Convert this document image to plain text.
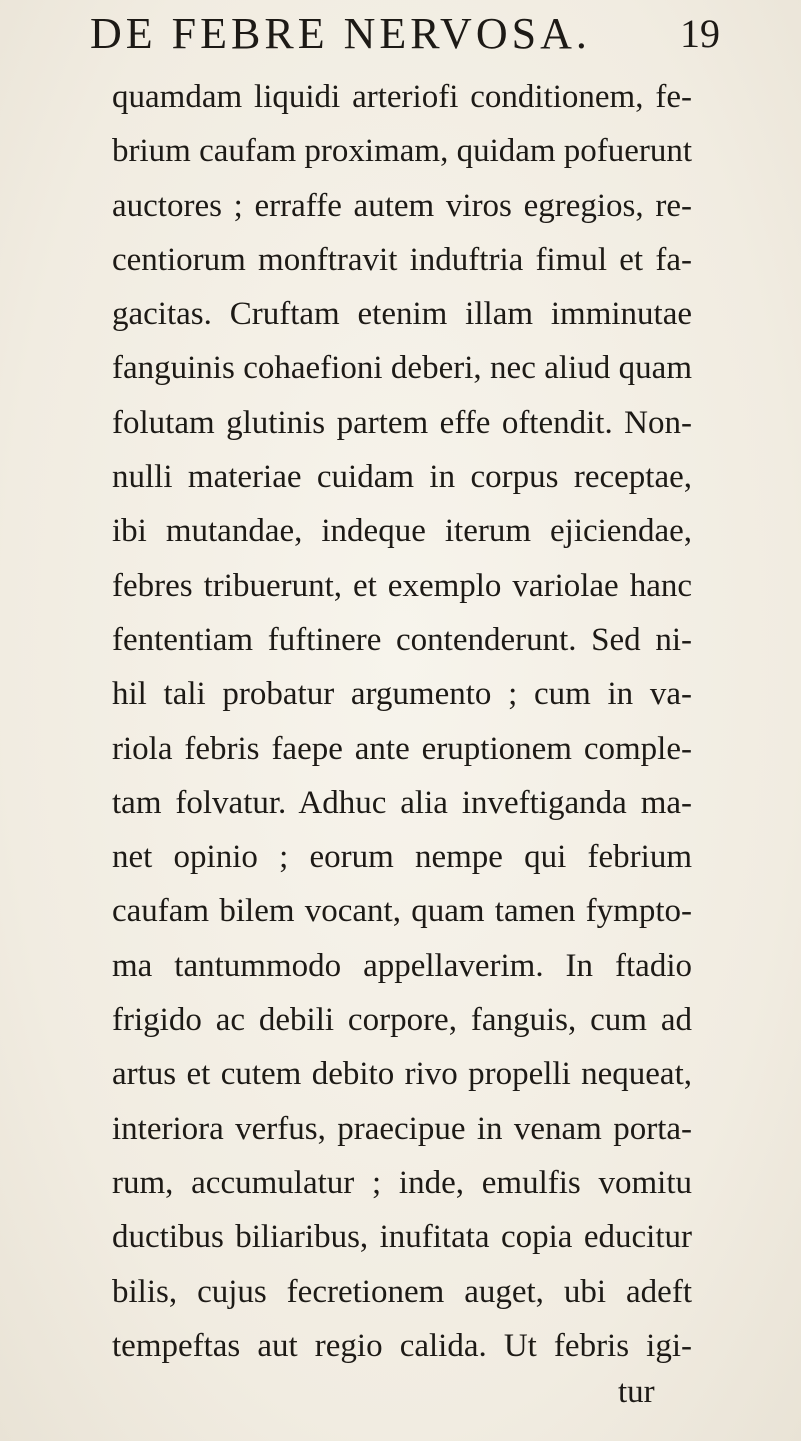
DE FEBRE NERVOSA. 19
quamdam liquidi arteriofi conditionem, fe-
brium caufam proximam, quidam pofuerunt
auctores ; erraffe autem viros egregios, re-
centiorum monftravit induftria fimul et fa-
gacitas. Cruftam etenim illam imminutae
fanguinis cohaefioni deberi, nec aliud quam
folutam glutinis partem effe oftendit. Non-
nulli materiae cuidam in corpus receptae,
ibi mutandae, indeque iterum ejiciendae,
febres tribuerunt, et exemplo variolae hanc
fententiam fuftinere contenderunt. Sed ni-
hil tali probatur argumento ; cum in va-
riola febris faepe ante eruptionem comple-
tam folvatur. Adhuc alia inveftiganda ma-
net opinio ; eorum nempe qui febrium
caufam bilem vocant, quam tamen fympto-
ma tantummodo appellaverim. In ftadio
frigido ac debili corpore, fanguis, cum ad
artus et cutem debito rivo propelli nequeat,
interiora verfus, praecipue in venam porta-
rum, accumulatur ; inde, emulfis vomitu
ductibus biliaribus, inufitata copia educitur
bilis, cujus fecretionem auget, ubi adeft
tempeftas aut regio calida. Ut febris igi-
tur
